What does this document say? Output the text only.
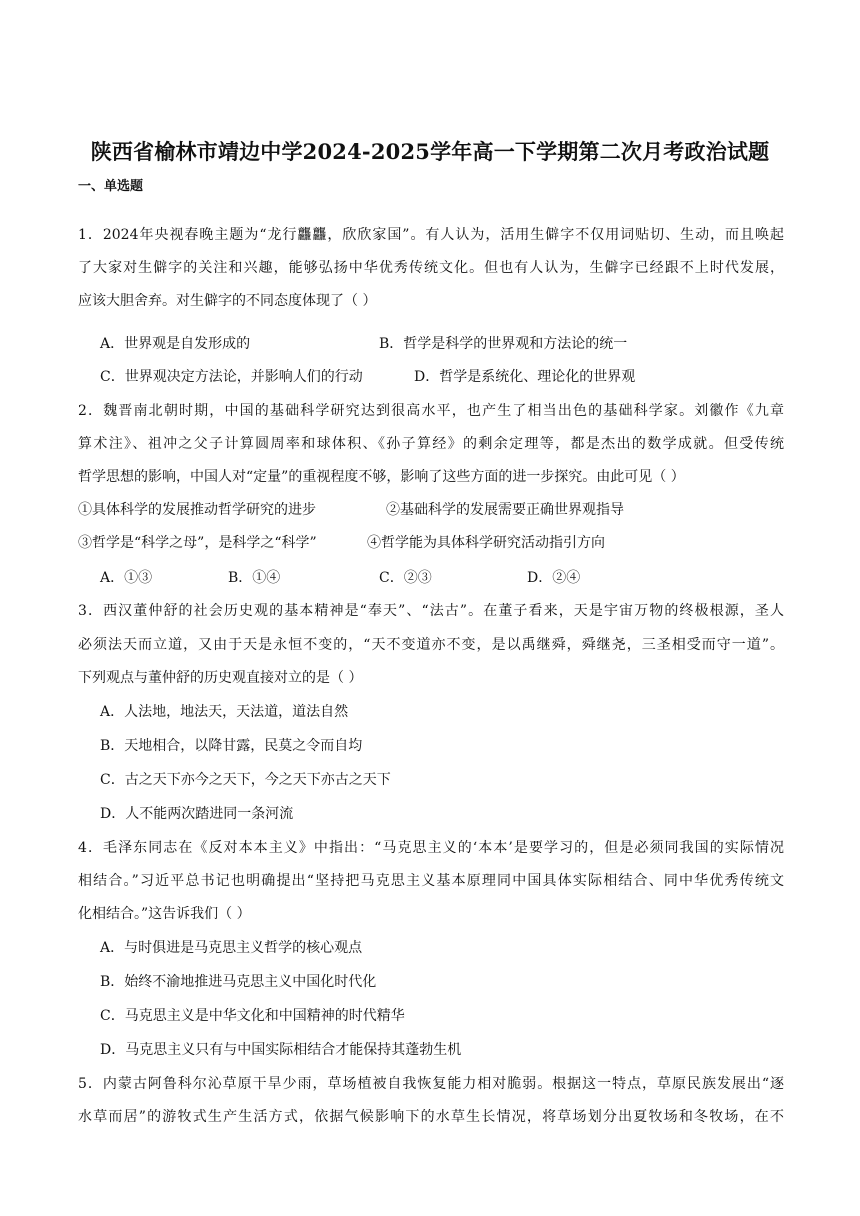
陕西省榆林市靖边中学2024-2025学年高一下学期第二次月考政治试题
一、单选题
1．2024年央视春晚主题为“龙行龘龘，欣欣家国”。有人认为，活用生僻字不仅用词贴切、生动，而且唤起
了大家对生僻字的关注和兴趣，能够弘扬中华优秀传统文化。但也有人认为，生僻字已经跟不上时代发展，
应该大胆舍弃。对生僻字的不同态度体现了（ ）
A．世界观是自发形成的	B．哲学是科学的世界观和方法论的统一
C．世界观决定方法论，并影响人们的行动	D．哲学是系统化、理论化的世界观
2．魏晋南北朝时期，中国的基础科学研究达到很高水平，也产生了相当出色的基础科学家。刘徽作《九章
算术注》、祖冲之父子计算圆周率和球体积、《孙子算经》的剩余定理等，都是杰出的数学成就。但受传统
哲学思想的影响，中国人对“定量”的重视程度不够，影响了这些方面的进一步探究。由此可见（ ）
①具体科学的发展推动哲学研究的进步	②基础科学的发展需要正确世界观指导
③哲学是“科学之母”，是科学之“科学”	④哲学能为具体科学研究活动指引方向
A．①③	B．①④	C．②③	D．②④
3．西汉董仲舒的社会历史观的基本精神是“奉天”、“法古”。在董子看来，天是宇宙万物的终极根源，圣人
必须法天而立道，又由于天是永恒不变的，“天不变道亦不变，是以禹继舜，舜继尧，三圣相受而守一道”。
下列观点与董仲舒的历史观直接对立的是（ ）
A．人法地，地法天，天法道，道法自然
B．天地相合，以降甘露，民莫之令而自均
C．古之天下亦今之天下，今之天下亦古之天下
D．人不能两次踏进同一条河流
4．毛泽东同志在《反对本本主义》中指出：“马克思主义的‘本本’是要学习的，但是必须同我国的实际情况
相结合。”习近平总书记也明确提出“坚持把马克思主义基本原理同中国具体实际相结合、同中华优秀传统文
化相结合。”这告诉我们（ ）
A．与时俱进是马克思主义哲学的核心观点
B．始终不渝地推进马克思主义中国化时代化
C．马克思主义是中华文化和中国精神的时代精华
D．马克思主义只有与中国实际相结合才能保持其蓬勃生机
5．内蒙古阿鲁科尔沁草原干旱少雨，草场植被自我恢复能力相对脆弱。根据这一特点，草原民族发展出“逐
水草而居”的游牧式生产生活方式，依据气候影响下的水草生长情况，将草场划分出夏牧场和冬牧场，在不
